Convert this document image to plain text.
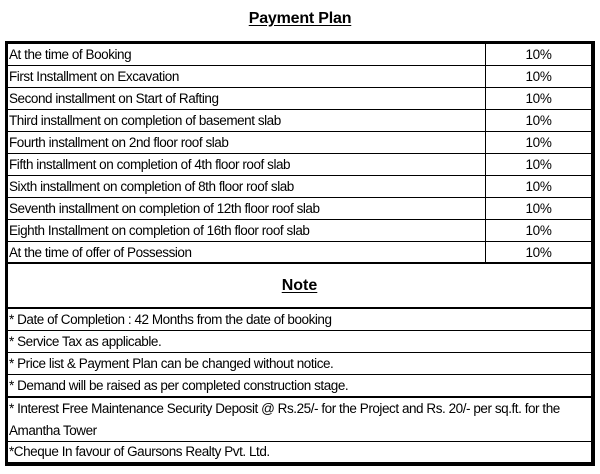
Payment Plan
At the time of Booking	10%
First Installment on Excavation	10%
Second installment on Start of Rafting	10%
Third installment on completion of basement slab	10%
Fourth installment on 2nd floor roof slab	10%
Fifth installment on completion of 4th floor roof slab	10%
Sixth installment on completion of 8th floor roof slab	10%
Seventh installment on completion of 12th floor roof slab	10%
Eighth Installment on completion of 16th floor roof slab	10%
At the time of offer of Possession	10%
Note
* Date of Completion : 42 Months from the date of booking
* Service Tax as applicable.
* Price list & Payment Plan can be changed without notice.
* Demand will be raised as per completed construction stage.
* Interest Free Maintenance Security Deposit @ Rs.25/- for the Project and Rs. 20/- per sq.ft. for the Amantha Tower
*Cheque In favour of Gaursons Realty Pvt. Ltd.
